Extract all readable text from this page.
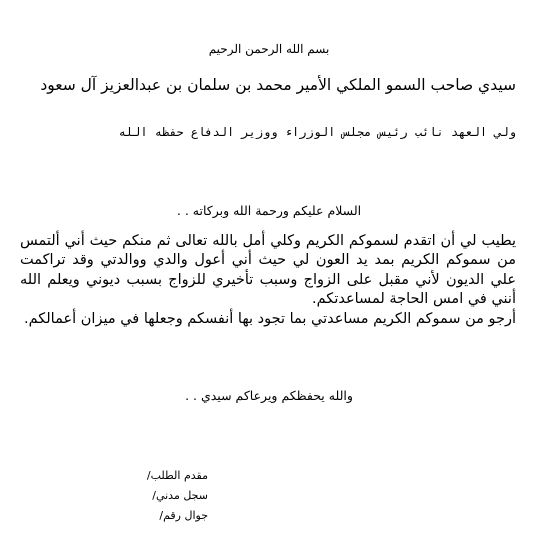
بسم الله الرحمن الرحيم
سيدي صاحب السمو الملكي الأمير محمد بن سلمان بن عبدالعزيز آل سعود
ولي العهد نائب رئيس مجلس الوزراء ووزير الدفاع حفظه الله
السلام عليكم ورحمة الله وبركاته . .

يطيب لي أن اتقدم لسموكم الكريم وكلي أمل بالله تعالى ثم منكم حيث أني ألتمس من سموكم الكريم بمد يد العون لي حيث أني أعول والدي ووالدتي وقد تراكمت علي الديون لأني مقبل على الزواج وسبب تأخيري للزواج بسبب ديوني ويعلم الله أنني في امس الحاجة لمساعدتكم.

أرجو من سموكم الكريم مساعدتي بما تجود بها أنفسكم وجعلها في ميزان أعمالكم.

والله يحفظكم ويرعاكم سيدي . .
مقدم الطلب/
سجل مدني/
جوال رقم/
